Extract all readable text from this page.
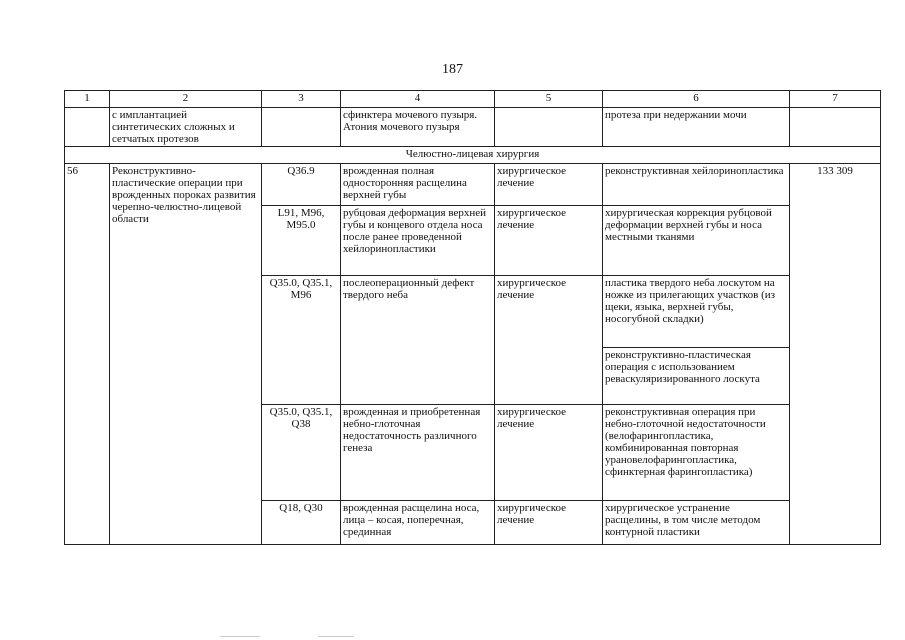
187
1	2	3	4	5	6	7
	с имплантацией синтетических сложных и сетчатых протезов		сфинктера мочевого пузыря. Атония мочевого пузыря		протеза при недержании мочи	
Челюстно-лицевая хирургия						
56	Реконструктивно-пластические операции при врожденных пороках развития черепно-челюстно-лицевой области	Q36.9	врожденная полная односторонняя расщелина верхней губы	хирургическое лечение	реконструктивная хейлоринопластика	133 309
		L91, M96, M95.0	рубцовая деформация верхней губы и концевого отдела носа после ранее проведенной хейлоринопластики	хирургическое лечение	хирургическая коррекция рубцовой деформации верхней губы и носа местными тканями	
		Q35.0, Q35.1, M96	послеоперационный дефект твердого неба	хирургическое лечение	пластика твердого неба лоскутом на ножке из прилегающих участков (из щеки, языка, верхней губы, носогубной складки)	
					реконструктивно-пластическая операция с использованием реваскуляризированного лоскута	
		Q35.0, Q35.1, Q38	врожденная и приобретенная небно-глоточная недостаточность различного генеза	хирургическое лечение	реконструктивная операция при небно-глоточной недостаточности (велофарингопластика, комбинированная повторная урановелофарингопластика, сфинктерная фарингопластика)	
		Q18, Q30	врожденная расщелина носа, лица – косая, поперечная, срединная	хирургическое лечение	хирургическое устранение расщелины, в том числе методом контурной пластики	
